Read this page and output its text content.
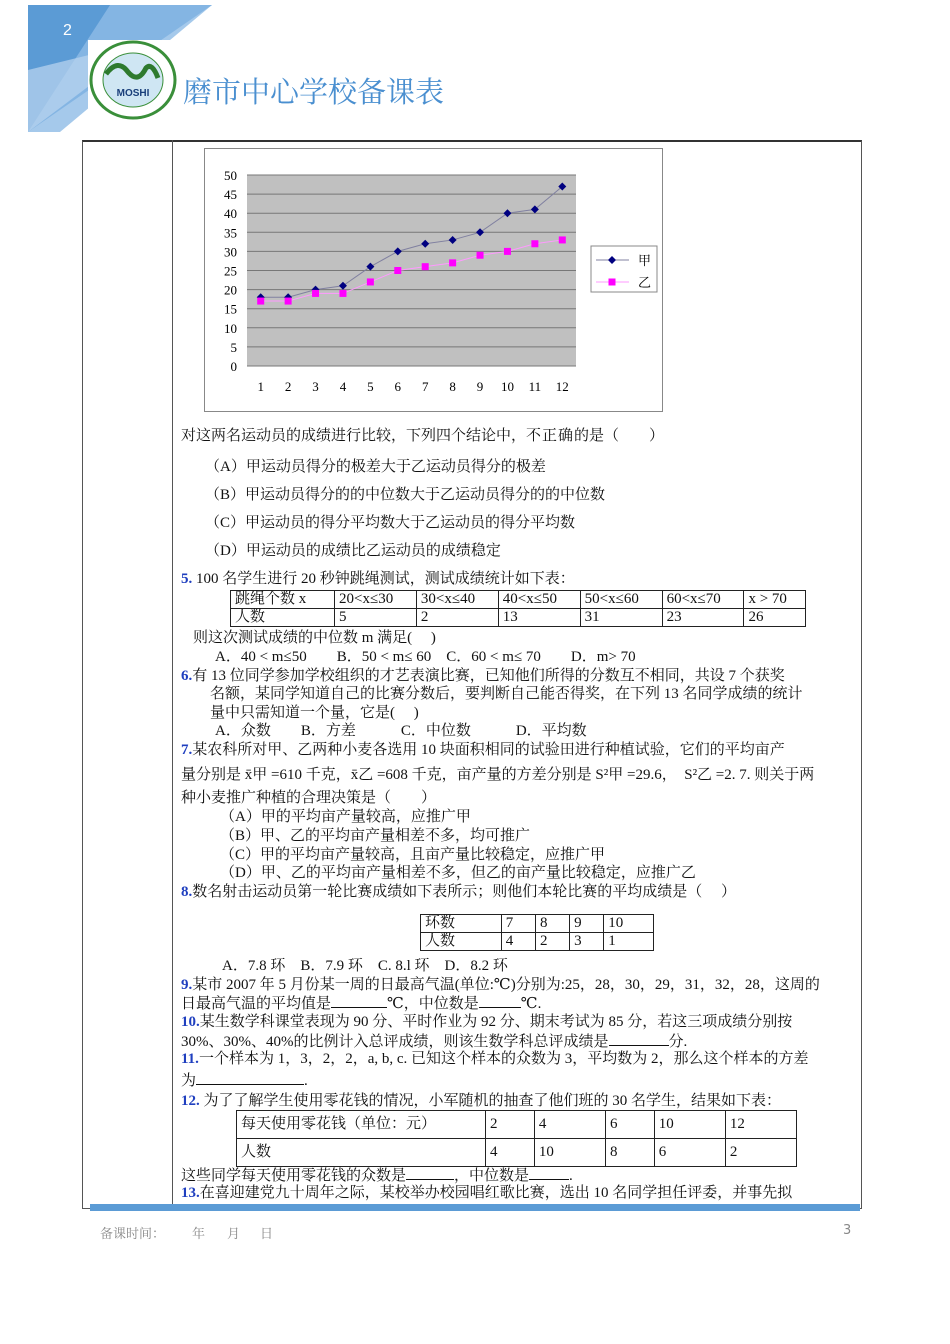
2
MOSHI 磨市中心学校备课表
0
5
10
15
20
25
30
35
40
45
50
1 2 3 4 5 6 7 8 9 10 11 12
甲
乙
对这两名运动员的成绩进行比较，下列四个结论中，不正确的是（　　）
（A）甲运动员得分的极差大于乙运动员得分的极差
（B）甲运动员得分的的中位数大于乙运动员得分的的中位数
（C）甲运动员的得分平均数大于乙运动员的得分平均数
（D）甲运动员的成绩比乙运动员的成绩稳定
5. 100 名学生进行 20 秒钟跳绳测试，测试成绩统计如下表：
跳绳个数 x	20<x≤30	30<x≤40	40<x≤50	50<x≤60	60<x≤70	x > 70
人数	5	2	13	31	23	26
则这次测试成绩的中位数 m 满足(　 )
A．40 < m≤50　　B．50 < m≤ 60　C．60 < m≤ 70　　D．m> 70
6.有 13 位同学参加学校组织的才艺表演比赛，已知他们所得的分数互不相同，共设 7 个获奖
名额，某同学知道自己的比赛分数后，要判断自己能否得奖，在下列 13 名同学成绩的统计
量中只需知道一个量，它是(　 )
A．众数　　B．方差　　　C．中位数　　　D．平均数
7.某农科所对甲、乙两种小麦各选用 10 块面积相同的试验田进行种植试验，它们的平均亩产
量分别是 x̄甲 =610 千克，x̄乙 =608 千克，亩产量的方差分别是 S²甲 =29.6，　S²乙 =2. 7. 则关于两
种小麦推广种植的合理决策是（　　）
（A）甲的平均亩产量较高，应推广甲
（B）甲、乙的平均亩产量相差不多，均可推广
（C）甲的平均亩产量较高，且亩产量比较稳定，应推广甲
（D）甲、乙的平均亩产量相差不多，但乙的亩产量比较稳定，应推广乙
8.数名射击运动员第一轮比赛成绩如下表所示；则他们本轮比赛的平均成绩是（　 ）
环数	7	8	9	10
人数	4	2	3	1
A．7.8 环　B．7.9 环　C. 8.l 环　D．8.2 环
9.某市 2007 年 5 月份某一周的日最高气温(单位:℃)分别为:25，28，30，29，31，32，28，这周的
日最高气温的平均值是	℃，中位数是	℃.
10.某生数学科课堂表现为 90 分、平时作业为 92 分、期末考试为 85 分，若这三项成绩分别按
30%、30%、40%的比例计入总评成绩，则该生数学科总评成绩是	分.
11.一个样本为 1，3，2，2，a, b, c. 已知这个样本的众数为 3，平均数为 2，那么这个样本的方差
为	.
12. 为了了解学生使用零花钱的情况，小军随机的抽查了他们班的 30 名学生，结果如下表：
每天使用零花钱（单位：元）	2	4	6	10	12
人数	4	10	8	6	2
这些同学每天使用零花钱的众数是	，中位数是	.
13.在喜迎建党九十周年之际，某校举办校园唱红歌比赛，选出 10 名同学担任评委，并事先拟
备课时间： 年 月 日	3
